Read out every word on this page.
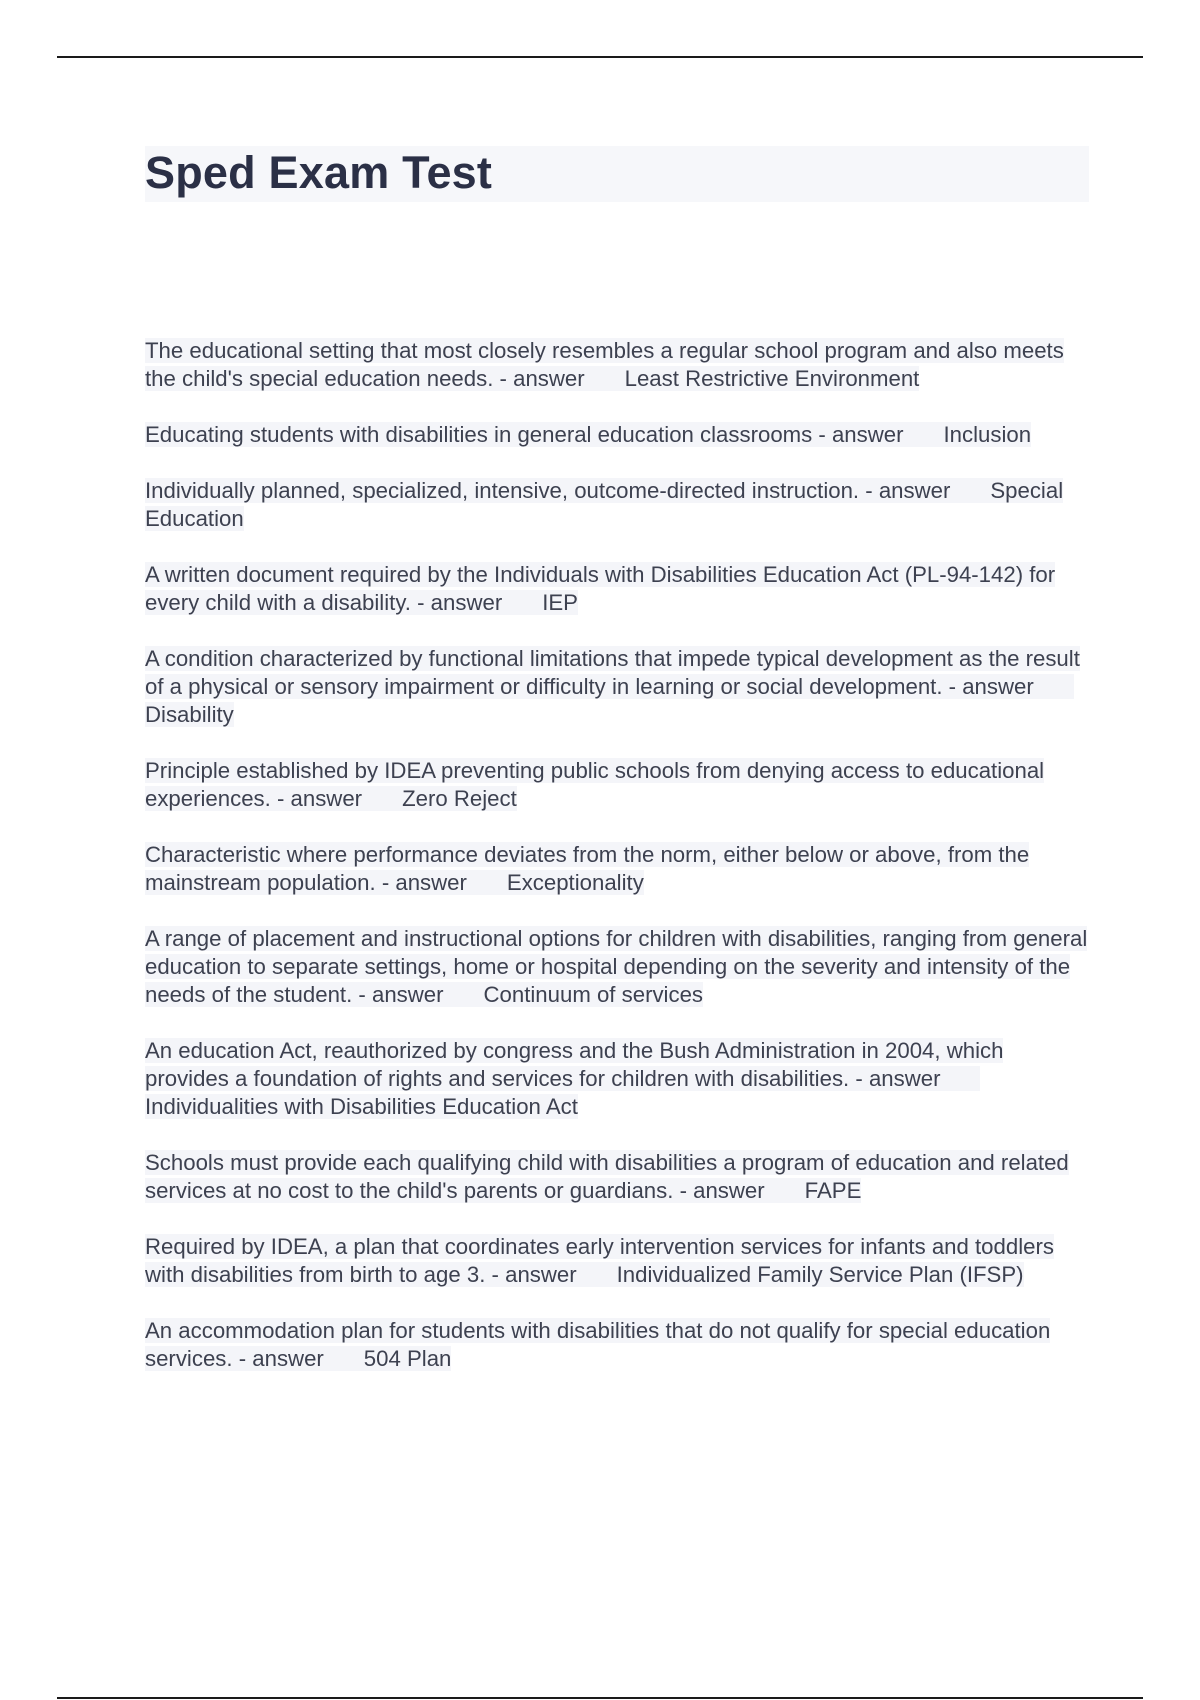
Sped Exam Test
The educational setting that most closely resembles a regular school program and also meets the child's special education needs. - answer Least Restrictive Environment
Educating students with disabilities in general education classrooms - answer Inclusion
Individually planned, specialized, intensive, outcome-directed instruction. - answer Special Education
A written document required by the Individuals with Disabilities Education Act (PL-94-142) for every child with a disability. - answer IEP
A condition characterized by functional limitations that impede typical development as the result of a physical or sensory impairment or difficulty in learning or social development. - answerDisability
Principle established by IDEA preventing public schools from denying access to educational experiences. - answer Zero Reject
Characteristic where performance deviates from the norm, either below or above, from the mainstream population. - answer Exceptionality
A range of placement and instructional options for children with disabilities, ranging from general education to separate settings, home or hospital depending on the severity and intensity of the needs of the student. - answer Continuum of services
An education Act, reauthorized by congress and the Bush Administration in 2004, which provides a foundation of rights and services for children with disabilities. - answerIndividualities with Disabilities Education Act
Schools must provide each qualifying child with disabilities a program of education and related services at no cost to the child's parents or guardians. - answer FAPE
Required by IDEA, a plan that coordinates early intervention services for infants and toddlers with disabilities from birth to age 3. - answer Individualized Family Service Plan (IFSP)
An accommodation plan for students with disabilities that do not qualify for special education services. - answer 504 Plan
